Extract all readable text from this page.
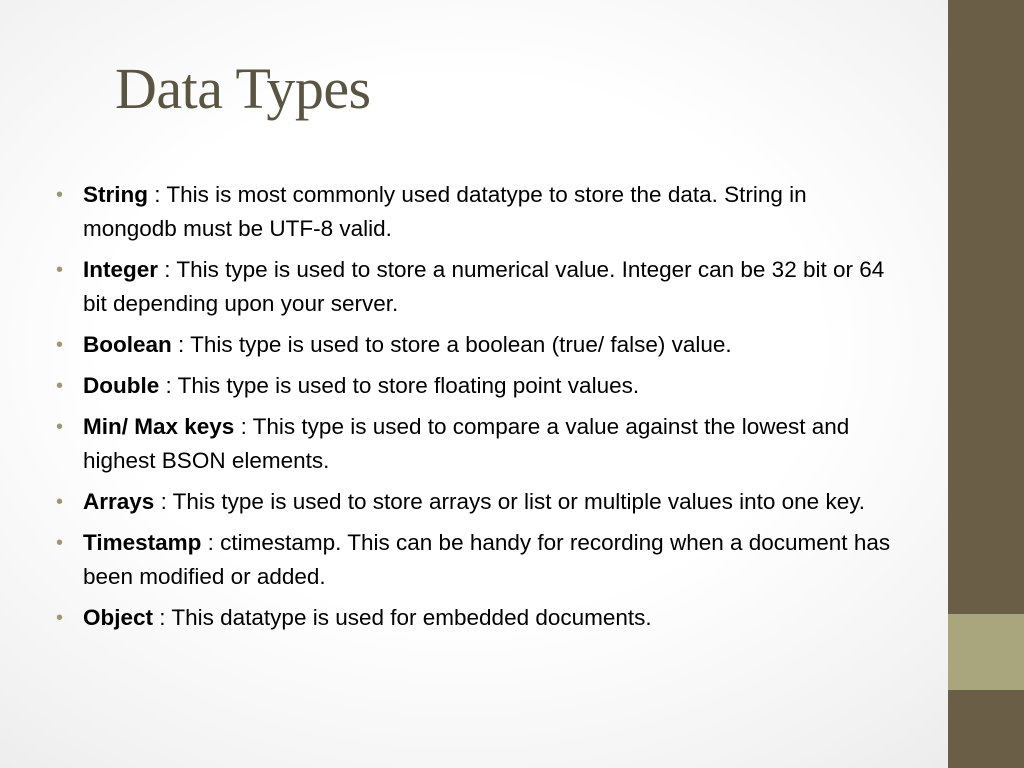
Data Types
• String : This is most commonly used datatype to store the data. String in mongodb must be UTF-8 valid.
• Integer : This type is used to store a numerical value. Integer can be 32 bit or 64 bit depending upon your server.
• Boolean : This type is used to store a boolean (true/ false) value.
• Double : This type is used to store floating point values.
• Min/ Max keys : This type is used to compare a value against the lowest and highest BSON elements.
• Arrays : This type is used to store arrays or list or multiple values into one key.
• Timestamp : ctimestamp. This can be handy for recording when a document has been modified or added.
• Object : This datatype is used for embedded documents.
